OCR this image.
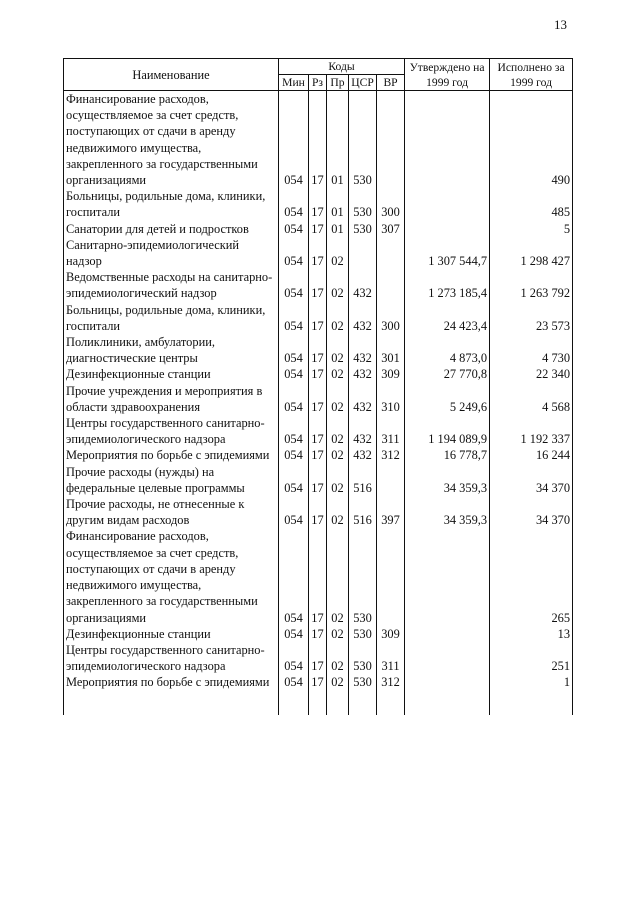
13
Наименование	Коды					Утверждено на 1999 год	Исполнено за 1999 год
	Мин	Рз	Пр	ЦСР	ВР		
Финансирование расходов, осуществляемое за счет средств, поступающих от сдачи в аренду недвижимого имущества, закрепленного за государственными организациями	054	17	01	530			490
Больницы, родильные дома, клиники, госпитали	054	17	01	530	300		485
Санатории для детей и подростков	054	17	01	530	307		5
Санитарно-эпидемиологический надзор	054	17	02			1 307 544,7	1 298 427
Ведомственные расходы на санитарно-эпидемиологический надзор	054	17	02	432		1 273 185,4	1 263 792
Больницы, родильные дома, клиники, госпитали	054	17	02	432	300	24 423,4	23 573
Поликлиники, амбулатории, диагностические центры	054	17	02	432	301	4 873,0	4 730
Дезинфекционные станции	054	17	02	432	309	27 770,8	22 340
Прочие учреждения и мероприятия в области здравоохранения	054	17	02	432	310	5 249,6	4 568
Центры государственного санитарно-эпидемиологического надзора	054	17	02	432	311	1 194 089,9	1 192 337
Мероприятия по борьбе с эпидемиями	054	17	02	432	312	16 778,7	16 244
Прочие расходы (нужды) на федеральные целевые программы	054	17	02	516		34 359,3	34 370
Прочие расходы, не отнесенные к другим видам расходов	054	17	02	516	397	34 359,3	34 370
Финансирование расходов, осуществляемое за счет средств, поступающих от сдачи в аренду недвижимого имущества, закрепленного за государственными организациями	054	17	02	530			265
Дезинфекционные станции	054	17	02	530	309		13
Центры государственного санитарно-эпидемиологического надзора	054	17	02	530	311		251
Мероприятия по борьбе с эпидемиями	054	17	02	530	312		1
